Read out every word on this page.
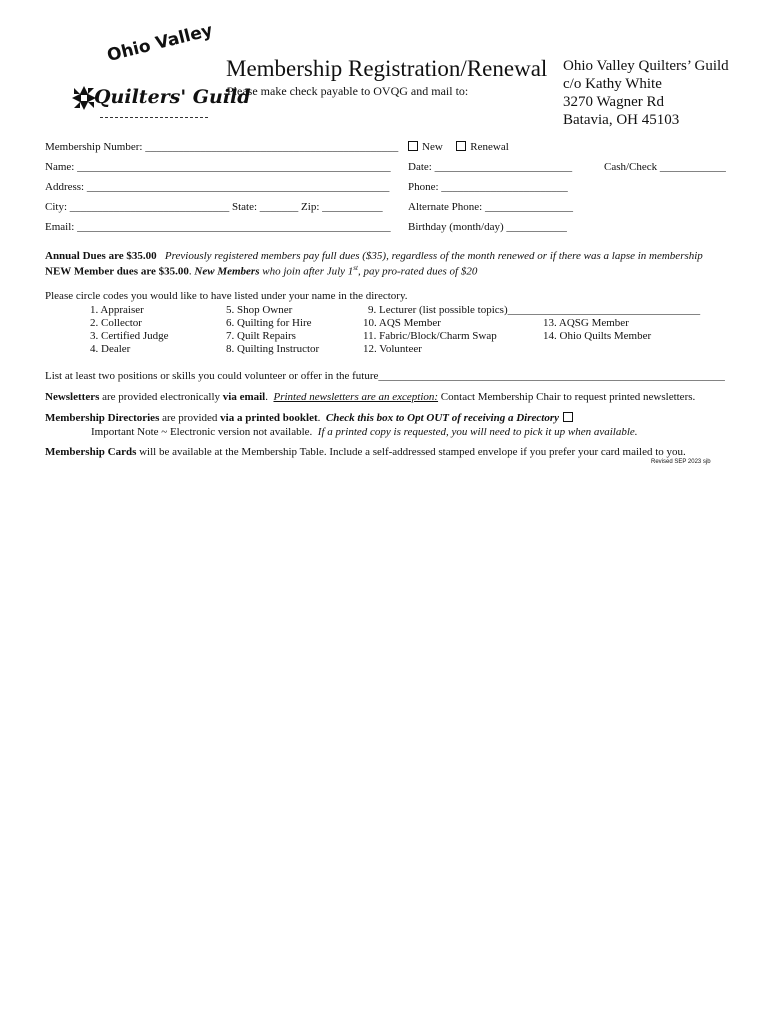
Ohio Valley
Quilters' Guild
Membership Registration/Renewal
Please make check payable to OVQG and mail to:
Ohio Valley Quilters’ Guild
c/o Kathy White
3270 Wagner Rd
Batavia, OH 45103
Membership Number: ______________________________________________	New	Renewal
Name: _________________________________________________________ Date: _________________________	Cash/Check ____________
Address: _______________________________________________________ Phone: _______________________
City: _____________________________ State: _______ Zip: ___________ Alternate Phone: ________________
Email: _________________________________________________________ Birthday (month/day) ___________
Annual Dues are $35.00 Previously registered members pay full dues ($35), regardless of the month renewed or if there was a lapse in membership
NEW Member dues are $35.00. New Members who join after July 1st, pay pro-rated dues of $20
Please circle codes you would like to have listed under your name in the directory.
1. Appraiser
2. Collector
3. Certified Judge
4. Dealer
5. Shop Owner
6. Quilting for Hire
7. Quilt Repairs
8. Quilting Instructor
9. Lecturer (list possible topics)___________________________________
10. AQS Member
11. Fabric/Block/Charm Swap
12. Volunteer
13. AQSG Member
14. Ohio Quilts Member
List at least two positions or skills you could volunteer or offer in the future_______________________________________________________________
Newsletters are provided electronically via email.  Printed newsletters are an exception: Contact Membership Chair to request printed newsletters.
Membership Directories are provided via a printed booklet.  Check this box to Opt OUT of receiving a Directory
Important Note ~ Electronic version not available. If a printed copy is requested, you will need to pick it up when available.
Membership Cards will be available at the Membership Table. Include a self-addressed stamped envelope if you prefer your card mailed to you.
Revised SEP 2023 sjb
